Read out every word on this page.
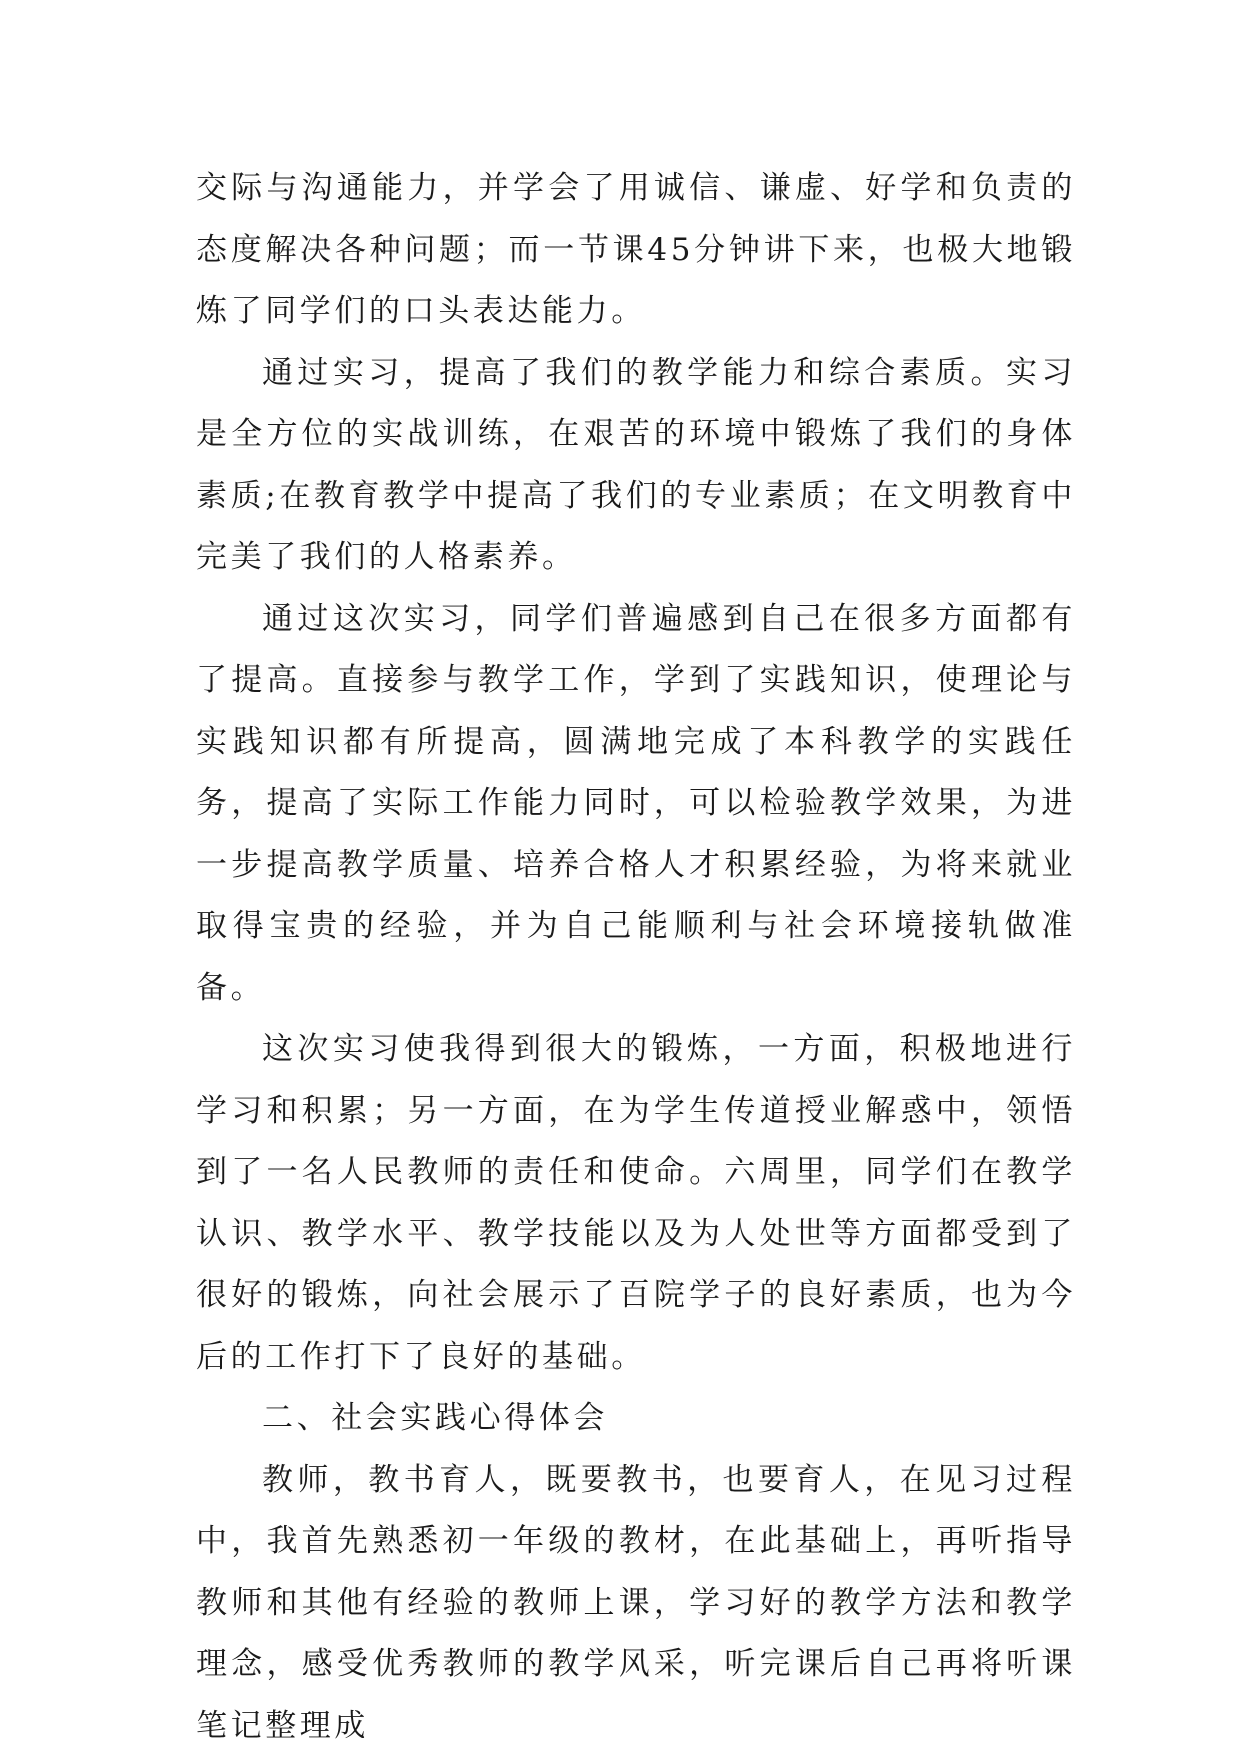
交际与沟通能力，并学会了用诚信、谦虚、好学和负责的态度解决各种问题；而一节课45分钟讲下来，也极大地锻炼了同学们的口头表达能力。

通过实习，提高了我们的教学能力和综合素质。实习是全方位的实战训练，在艰苦的环境中锻炼了我们的身体素质;在教育教学中提高了我们的专业素质；在文明教育中完美了我们的人格素养。

通过这次实习，同学们普遍感到自己在很多方面都有了提高。直接参与教学工作，学到了实践知识，使理论与实践知识都有所提高，圆满地完成了本科教学的实践任务，提高了实际工作能力同时，可以检验教学效果，为进一步提高教学质量、培养合格人才积累经验，为将来就业取得宝贵的经验，并为自己能顺利与社会环境接轨做准备。

这次实习使我得到很大的锻炼，一方面，积极地进行学习和积累；另一方面，在为学生传道授业解惑中，领悟到了一名人民教师的责任和使命。六周里，同学们在教学认识、教学水平、教学技能以及为人处世等方面都受到了很好的锻炼，向社会展示了百院学子的良好素质，也为今后的工作打下了良好的基础。

二、社会实践心得体会

教师，教书育人，既要教书，也要育人，在见习过程中，我首先熟悉初一年级的教材，在此基础上，再听指导教师和其他有经验的教师上课，学习好的教学方法和教学理念，感受优秀教师的教学风采，听完课后自己再将听课笔记整理成
